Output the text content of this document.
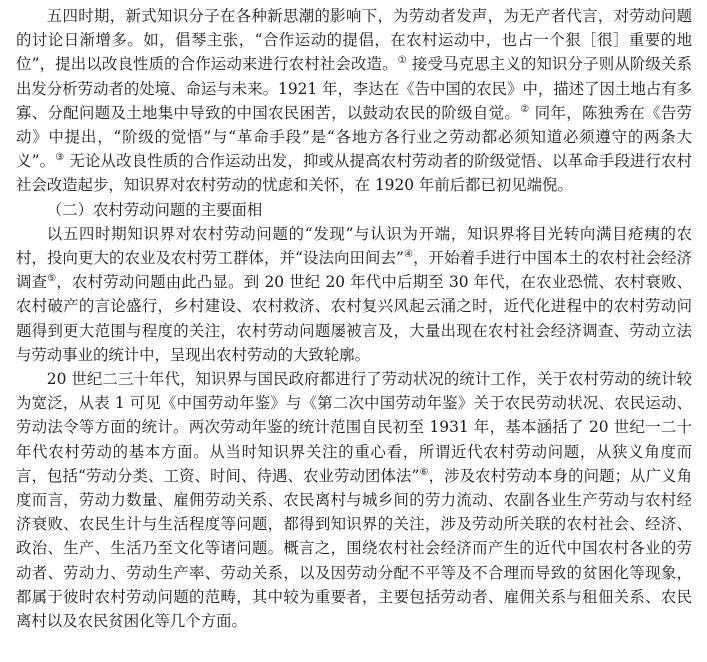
五四时期，新式知识分子在各种新思潮的影响下，为劳动者发声，为无产者代言，对劳动问题的讨论日渐增多。如，倡琴主张，“合作运动的提倡，在农村运动中，也占一个狠［很］重要的地位”，提出以改良性质的合作运动来进行农村社会改造。① 接受马克思主义的知识分子则从阶级关系出发分析劳动者的处境、命运与未来。1921 年，李达在《告中国的农民》中，描述了因土地占有多寡、分配问题及土地集中导致的中国农民困苦，以鼓动农民的阶级自觉。② 同年，陈独秀在《告劳动》中提出，“阶级的觉悟”与“革命手段”是“各地方各行业之劳动都必须知道必须遵守的两条大义”。③ 无论从改良性质的合作运动出发，抑或从提高农村劳动者的阶级觉悟、以革命手段进行农村社会改造起步，知识界对农村劳动的忧虑和关怀，在 1920 年前后都已初见端倪。

（二）农村劳动问题的主要面相

以五四时期知识界对农村劳动问题的“发现”与认识为开端，知识界将目光转向满目疮痍的农村，投向更大的农业及农村劳工群体，并“设法向田间去”④，开始着手进行中国本土的农村社会经济调查⑤，农村劳动问题由此凸显。到 20 世纪 20 年代中后期至 30 年代，在农业恐慌、农村衰败、农村破产的言论盛行，乡村建设、农村救济、农村复兴风起云涌之时，近代化进程中的农村劳动问题得到更大范围与程度的关注，农村劳动问题屡被言及，大量出现在农村社会经济调查、劳动立法与劳动事业的统计中，呈现出农村劳动的大致轮廓。

20 世纪二三十年代，知识界与国民政府都进行了劳动状况的统计工作，关于农村劳动的统计较为宽泛，从表 1 可见《中国劳动年鉴》与《第二次中国劳动年鉴》关于农民劳动状况、农民运动、劳动法令等方面的统计。两次劳动年鉴的统计范围自民初至 1931 年，基本涵括了 20 世纪一二十年代农村劳动的基本方面。从当时知识界关注的重心看，所谓近代农村劳动问题，从狭义角度而言，包括“劳动分类、工资、时间、待遇、农业劳动团体法”⑥，涉及农村劳动本身的问题；从广义角度而言，劳动力数量、雇佣劳动关系、农民离村与城乡间的劳力流动、农副各业生产劳动与农村经济衰败、农民生计与生活程度等问题，都得到知识界的关注，涉及劳动所关联的农村社会、经济、政治、生产、生活乃至文化等诸问题。概言之，围绕农村社会经济而产生的近代中国农村各业的劳动者、劳动力、劳动生产率、劳动关系，以及因劳动分配不平等及不合理而导致的贫困化等现象，都属于彼时农村劳动问题的范畴，其中较为重要者，主要包括劳动者、雇佣关系与租佃关系、农民离村以及农民贫困化等几个方面。
